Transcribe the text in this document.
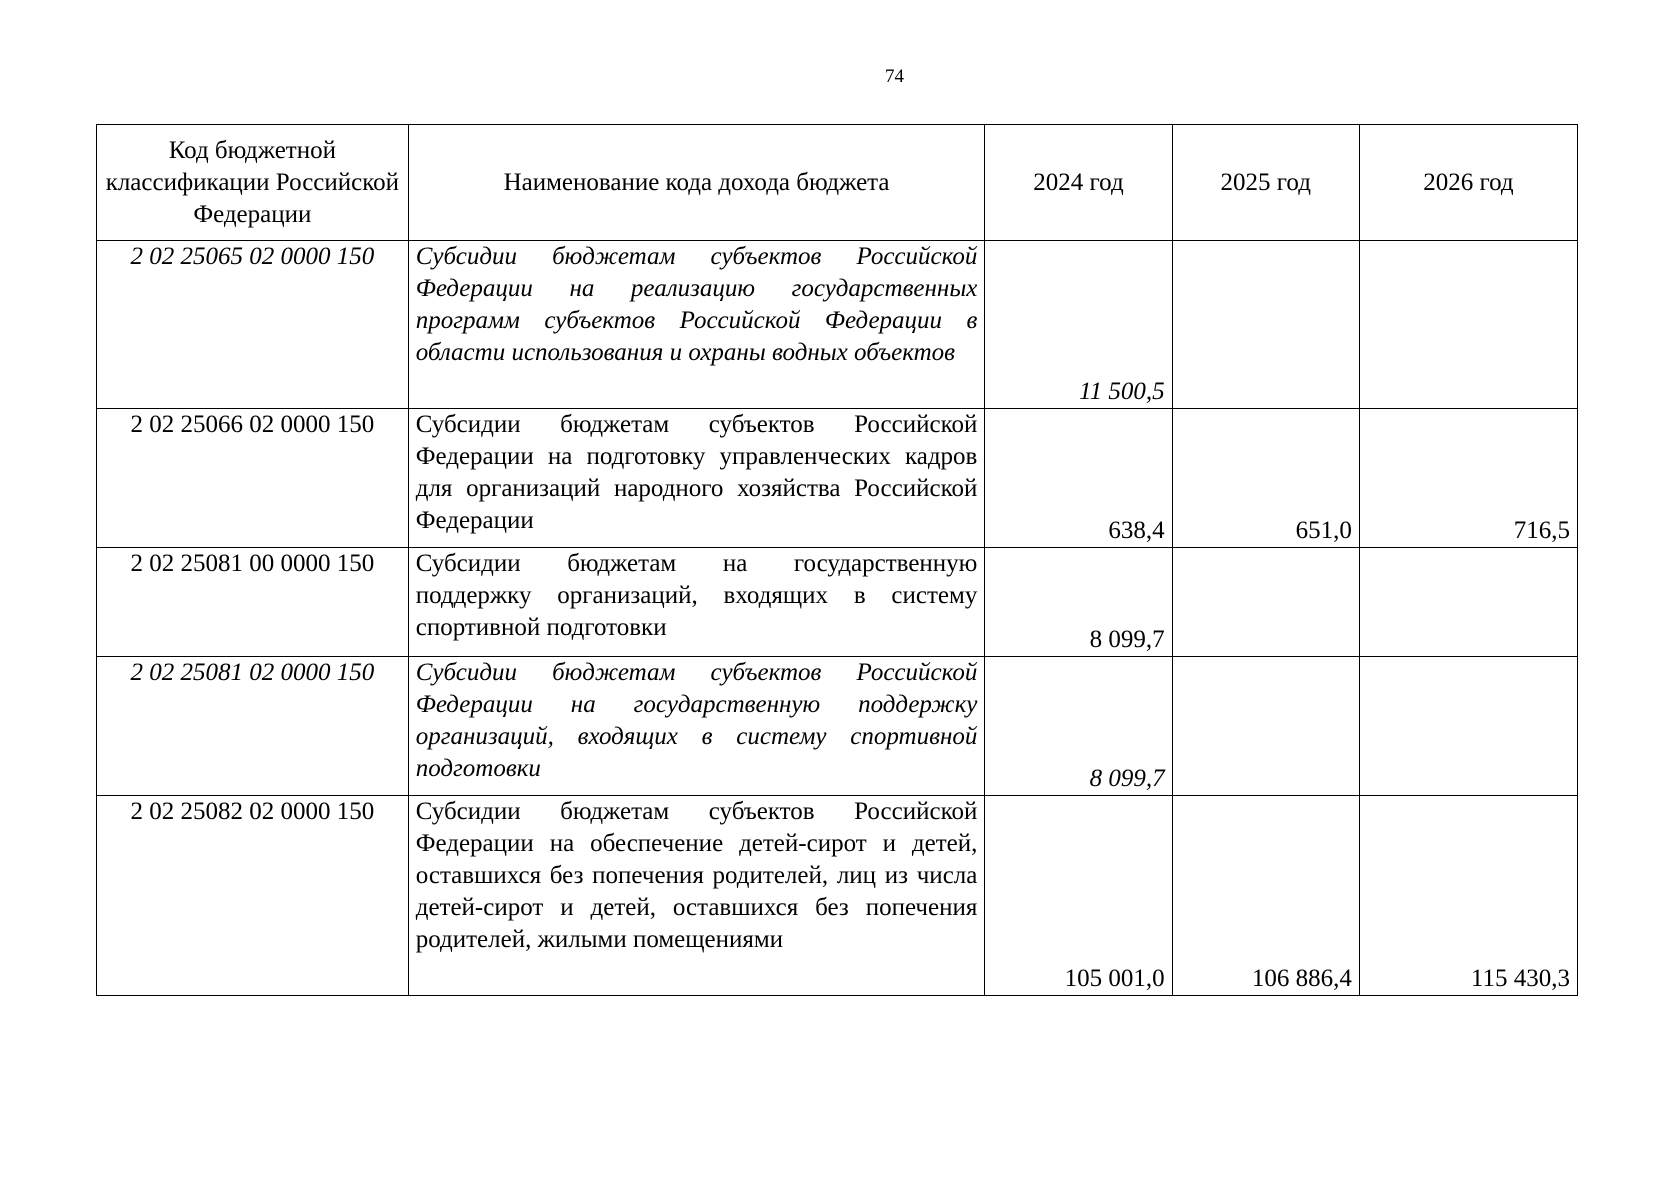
74
Код бюджетной классификации Российской Федерации	Наименование кода дохода бюджета	2024 год	2025 год	2026 год
2 02 25065 02 0000 150	Субсидии бюджетам субъектов Российской Федерации на реализацию государственных программ субъектов Российской Федерации в области использования и охраны водных объектов	11 500,5		
2 02 25066 02 0000 150	Субсидии бюджетам субъектов Российской Федерации на подготовку управленческих кадров для организаций народного хозяйства Российской Федерации	638,4	651,0	716,5
2 02 25081 00 0000 150	Субсидии бюджетам на государственную поддержку организаций, входящих в систему спортивной подготовки	8 099,7		
2 02 25081 02 0000 150	Субсидии бюджетам субъектов Российской Федерации на государственную поддержку организаций, входящих в систему спортивной подготовки	8 099,7		
2 02 25082 02 0000 150	Субсидии бюджетам субъектов Российской Федерации на обеспечение детей-сирот и детей, оставшихся без попечения родителей, лиц из числа детей-сирот и детей, оставшихся без попечения родителей, жилыми помещениями	105 001,0	106 886,4	115 430,3
